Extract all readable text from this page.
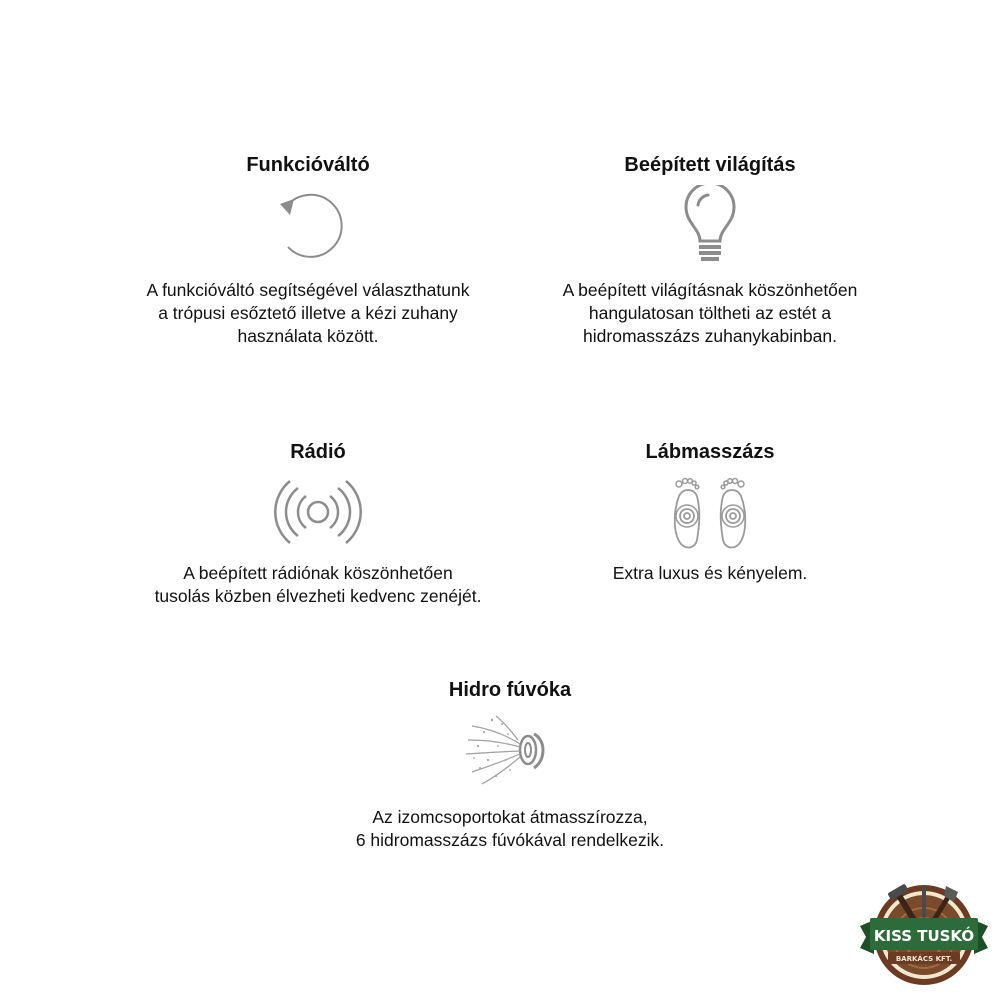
Funkcióváltó
A funkcióváltó segítségével választhatunk
a trópusi esőztető illetve a kézi zuhany
használata között.
Beépített világítás
A beépített világításnak köszönhetően
hangulatosan töltheti az estét a
hidromasszázs zuhanykabinban.
Rádió
A beépített rádiónak köszönhetően
tusolás közben élvezheti kedvenc zenéjét.
Lábmasszázs
Extra luxus és kényelem.
Hidro fúvóka
Az izomcsoportokat átmasszírozza,
6 hidromasszázs fúvókával rendelkezik.
KISS TUSKÓ
BARKÁCS KFT.
